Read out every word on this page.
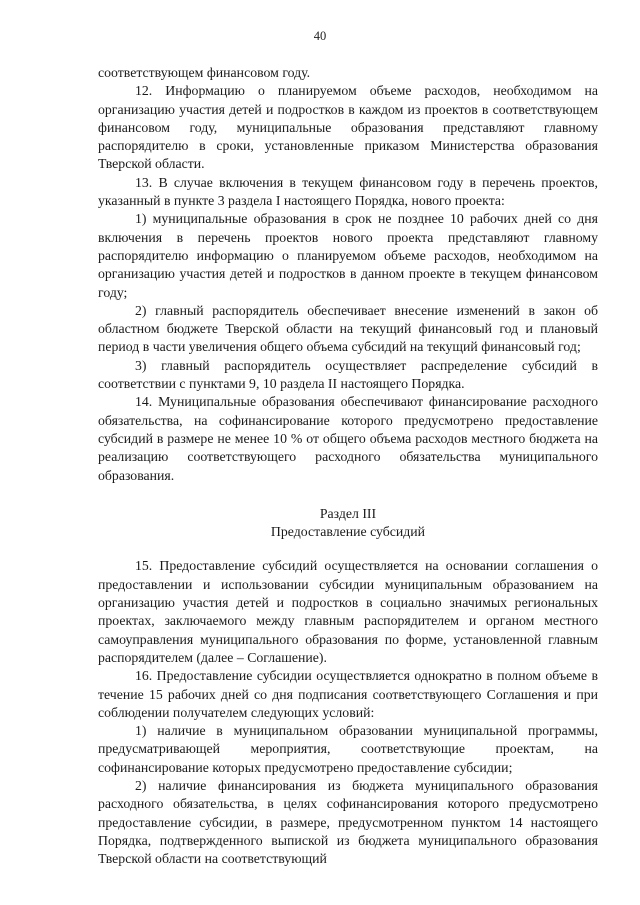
40

соответствующем финансовом году.

12. Информацию о планируемом объеме расходов, необходимом на организацию участия детей и подростков в каждом из проектов в соответствующем финансовом году, муниципальные образования представляют главному распорядителю в сроки, установленные приказом Министерства образования Тверской области.

13. В случае включения в текущем финансовом году в перечень проектов, указанный в пункте 3 раздела I настоящего Порядка, нового проекта:

1) муниципальные образования в срок не позднее 10 рабочих дней со дня включения в перечень проектов нового проекта представляют главному распорядителю информацию о планируемом объеме расходов, необходимом на организацию участия детей и подростков в данном проекте в текущем финансовом году;

2) главный распорядитель обеспечивает внесение изменений в закон об областном бюджете Тверской области на текущий финансовый год и плановый период в части увеличения общего объема субсидий на текущий финансовый год;

3) главный распорядитель осуществляет распределение субсидий в соответствии с пунктами 9, 10 раздела II настоящего Порядка.

14. Муниципальные образования обеспечивают финансирование расходного обязательства, на софинансирование которого предусмотрено предоставление субсидий в размере не менее 10 % от общего объема расходов местного бюджета на реализацию соответствующего расходного обязательства муниципального образования.

Раздел III
Предоставление субсидий

15. Предоставление субсидий осуществляется на основании соглашения о предоставлении и использовании субсидии муниципальным образованием на организацию участия детей и подростков в социально значимых региональных проектах, заключаемого между главным распорядителем и органом местного самоуправления муниципального образования по форме, установленной главным распорядителем (далее – Соглашение).

16. Предоставление субсидии осуществляется однократно в полном объеме в течение 15 рабочих дней со дня подписания соответствующего Соглашения и при соблюдении получателем следующих условий:

1) наличие в муниципальном образовании муниципальной программы, предусматривающей мероприятия, соответствующие проектам, на софинансирование которых предусмотрено предоставление субсидии;

2) наличие финансирования из бюджета муниципального образования расходного обязательства, в целях софинансирования которого предусмотрено предоставление субсидии, в размере, предусмотренном пунктом 14 настоящего Порядка, подтвержденного выпиской из бюджета муниципального образования Тверской области на соответствующий
